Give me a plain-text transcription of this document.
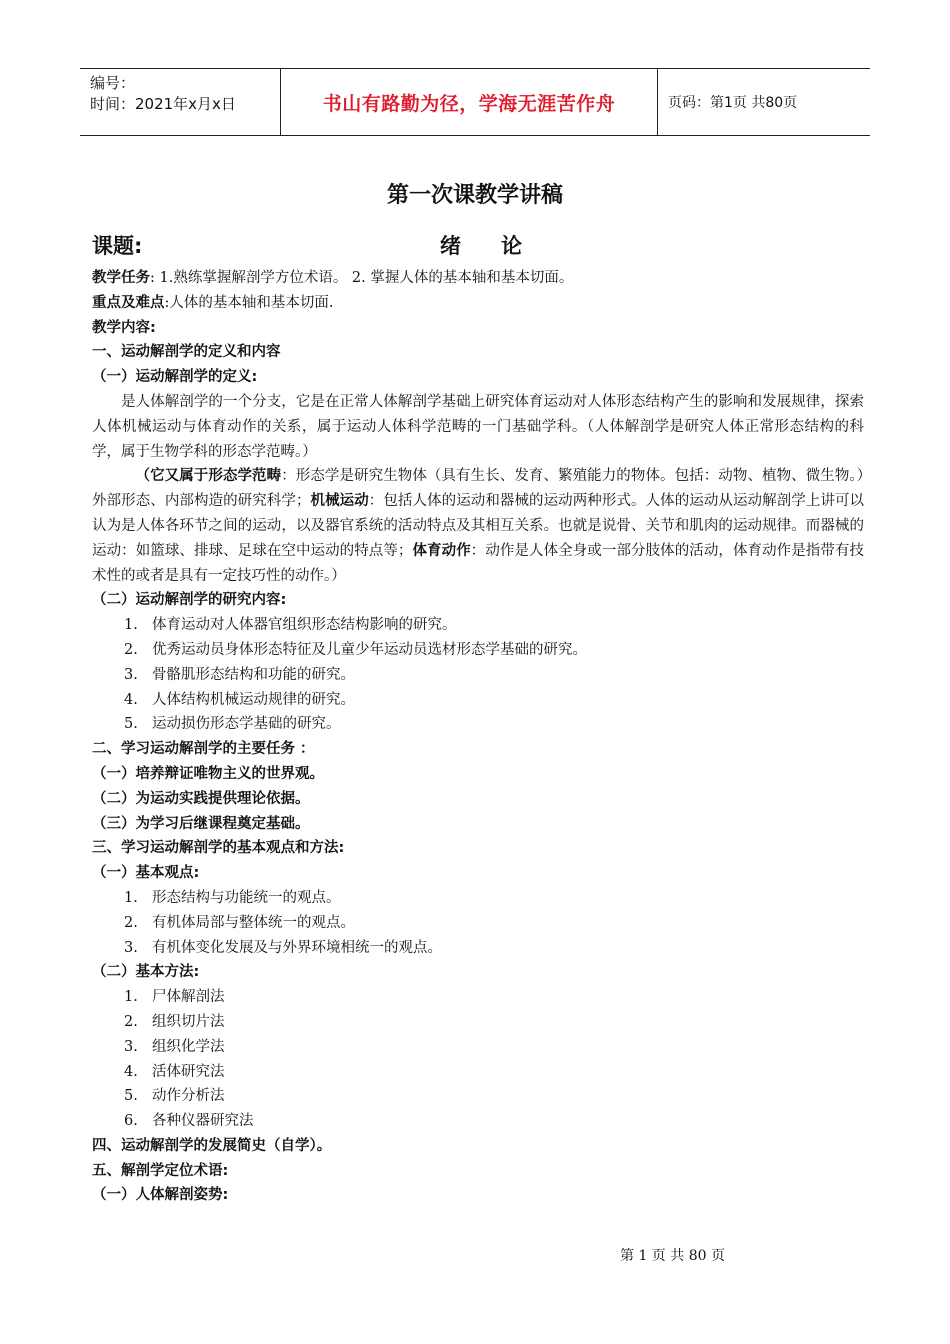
编号：
时间：2021年x月x日	书山有路勤为径，学海无涯苦作舟	页码：第1页 共80页
第一次课教学讲稿
课题:	绪论
教学任务: 1.熟练掌握解剖学方位术语。 2. 掌握人体的基本轴和基本切面。
重点及难点:人体的基本轴和基本切面.
教学内容:
一、运动解剖学的定义和内容
（一）运动解剖学的定义:
是人体解剖学的一个分支，它是在正常人体解剖学基础上研究体育运动对人体形态结构产生的影响和发展规律，探索人体机械运动与体育动作的关系，属于运动人体科学范畴的一门基础学科。（人体解剖学是研究人体正常形态结构的科学，属于生物学科的形态学范畴。）
（它又属于形态学范畴：形态学是研究生物体（具有生长、发育、繁殖能力的物体。包括：动物、植物、微生物。）外部形态、内部构造的研究科学；机械运动：包括人体的运动和器械的运动两种形式。人体的运动从运动解剖学上讲可以认为是人体各环节之间的运动，以及器官系统的活动特点及其相互关系。也就是说骨、关节和肌肉的运动规律。而器械的运动：如篮球、排球、足球在空中运动的特点等；体育动作：动作是人体全身或一部分肢体的活动，体育动作是指带有技术性的或者是具有一定技巧性的动作。）
（二）运动解剖学的研究内容:
1. 体育运动对人体器官组织形态结构影响的研究。
2. 优秀运动员身体形态特征及儿童少年运动员选材形态学基础的研究。
3. 骨骼肌形态结构和功能的研究。
4. 人体结构机械运动规律的研究。
5. 运动损伤形态学基础的研究。
二、学习运动解剖学的主要任务 ：
（一）培养辩证唯物主义的世界观。
（二）为运动实践提供理论依据。
（三）为学习后继课程奠定基础。
三、学习运动解剖学的基本观点和方法:
（一）基本观点:
1. 形态结构与功能统一的观点。
2. 有机体局部与整体统一的观点。
3. 有机体变化发展及与外界环境相统一的观点。
（二）基本方法:
1. 尸体解剖法
2. 组织切片法
3. 组织化学法
4. 活体研究法
5. 动作分析法
6. 各种仪器研究法
四、运动解剖学的发展简史（自学）。
五、解剖学定位术语:
（一）人体解剖姿势:
第 1 页 共 80 页
